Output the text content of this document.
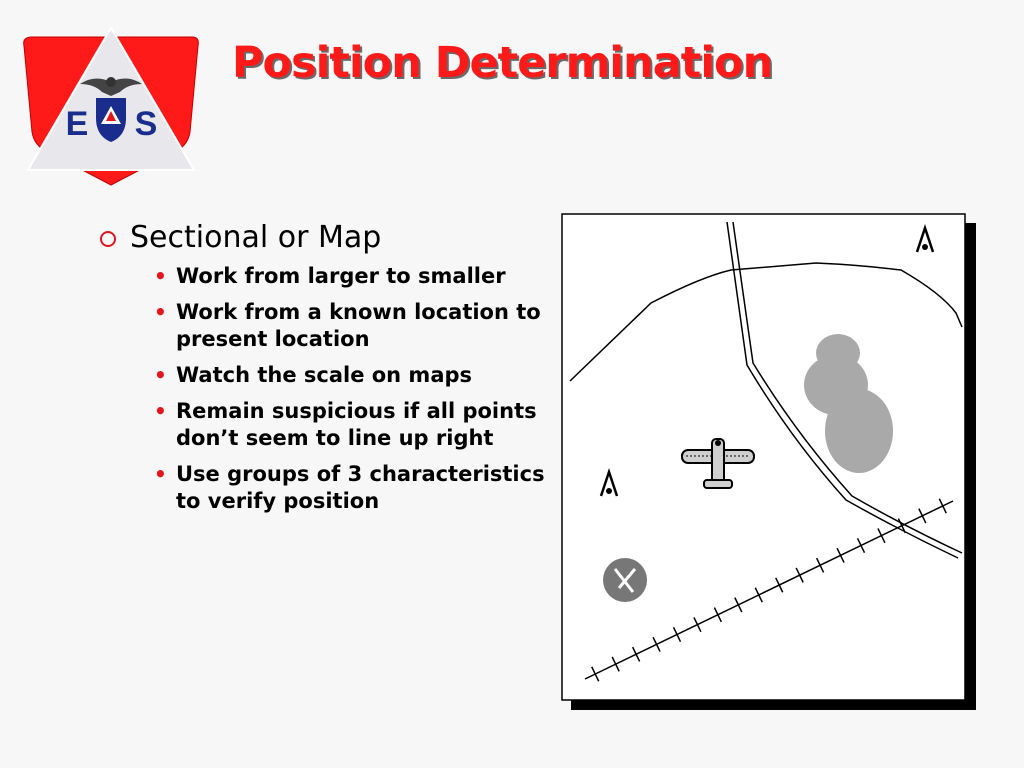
E S
Position Determination
Sectional or Map
• Work from larger to smaller
• Work from a known location to present location
• Watch the scale on maps
• Remain suspicious if all points don’t seem to line up right
• Use groups of 3 characteristics to verify position
